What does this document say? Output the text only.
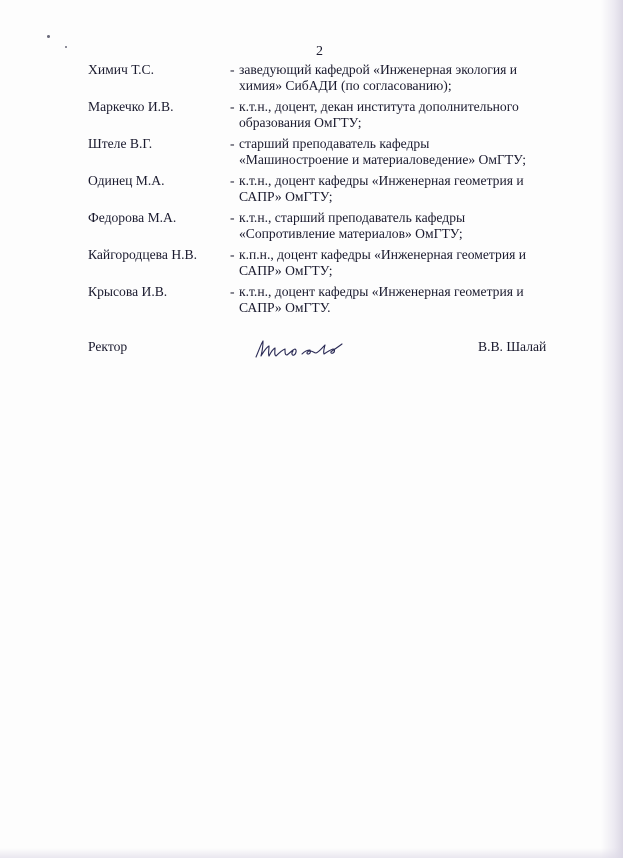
2
Химич Т.С.	- заведующий кафедрой «Инженерная экология и
химия» СибАДИ (по согласованию);
Маркечко И.В.	- к.т.н., доцент, декан института дополнительного
образования ОмГТУ;
Штеле В.Г.	- старший преподаватель кафедры
«Машиностроение и материаловедение» ОмГТУ;
Одинец М.А.	- к.т.н., доцент кафедры «Инженерная геометрия и
САПР» ОмГТУ;
Федорова М.А.	- к.т.н., старший преподаватель кафедры
«Сопротивление материалов» ОмГТУ;
Кайгородцева Н.В.	- к.п.н., доцент кафедры «Инженерная геометрия и
САПР» ОмГТУ;
Крысова И.В.	- к.т.н., доцент кафедры «Инженерная геометрия и
САПР» ОмГТУ.
Ректор	В.В. Шалай
